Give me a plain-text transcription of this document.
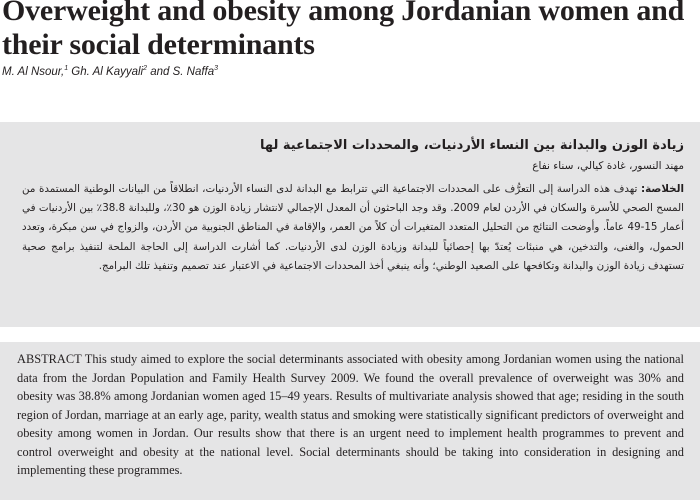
Overweight and obesity among Jordanian women and their social determinants
M. Al Nsour,$^1$ Gh. Al Kayyali$^2$ and S. Naffa$^3$

زيادة الوزن والبدانة بين النساء الأردنيات، والمحددات الاجتماعية لها

مهند النسور، غادة كيالي، سناء نفاع

الخلاصة: تهدف هذه الدراسة إلى التعرُّف على المحددات الاجتماعية التي تترابط مع البدانة لدى النساء الأردنيات، انطلاقاً من البيانات الوطنية المستمدة من المسح الصحي للأسرة والسكان في الأردن لعام 2009. وقد وجد الباحثون أن المعدل الإجمالي لانتشار زيادة الوزن هو 30٪، وللبدانة 38.8٪ بين الأردنيات في أعمار 15-49 عاماً. وأوضحت النتائج من التحليل المتعدد المتغيرات أن كلاً من العمر، والإقامة في المناطق الجنوبية من الأردن، والزواج في سن مبكرة، وتعدد الحمول، والغنى، والتدخين، هي منبئات يُعتدّ بها إحصائياً للبدانة وزيادة الوزن لدى الأردنيات. كما أشارت الدراسة إلى الحاجة الملحة لتنفيذ برامج صحية تستهدف زيادة الوزن والبدانة وتكافحها على الصعيد الوطني؛ وأنه ينبغي أخذ المحددات الاجتماعية في الاعتبار عند تصميم وتنفيذ تلك البرامج.

ABSTRACT This study aimed to explore the social determinants associated with obesity among Jordanian women using the national data from the Jordan Population and Family Health Survey 2009. We found the overall prevalence of overweight was 30% and obesity was 38.8% among Jordanian women aged 15–49 years. Results of multivariate analysis showed that age; residing in the south region of Jordan, marriage at an early age, parity, wealth status and smoking were statistically significant predictors of overweight and obesity among women in Jordan. Our results show that there is an urgent need to implement health programmes to prevent and control overweight and obesity at the national level. Social determinants should be taking into consideration in designing and implementing these programmes.
